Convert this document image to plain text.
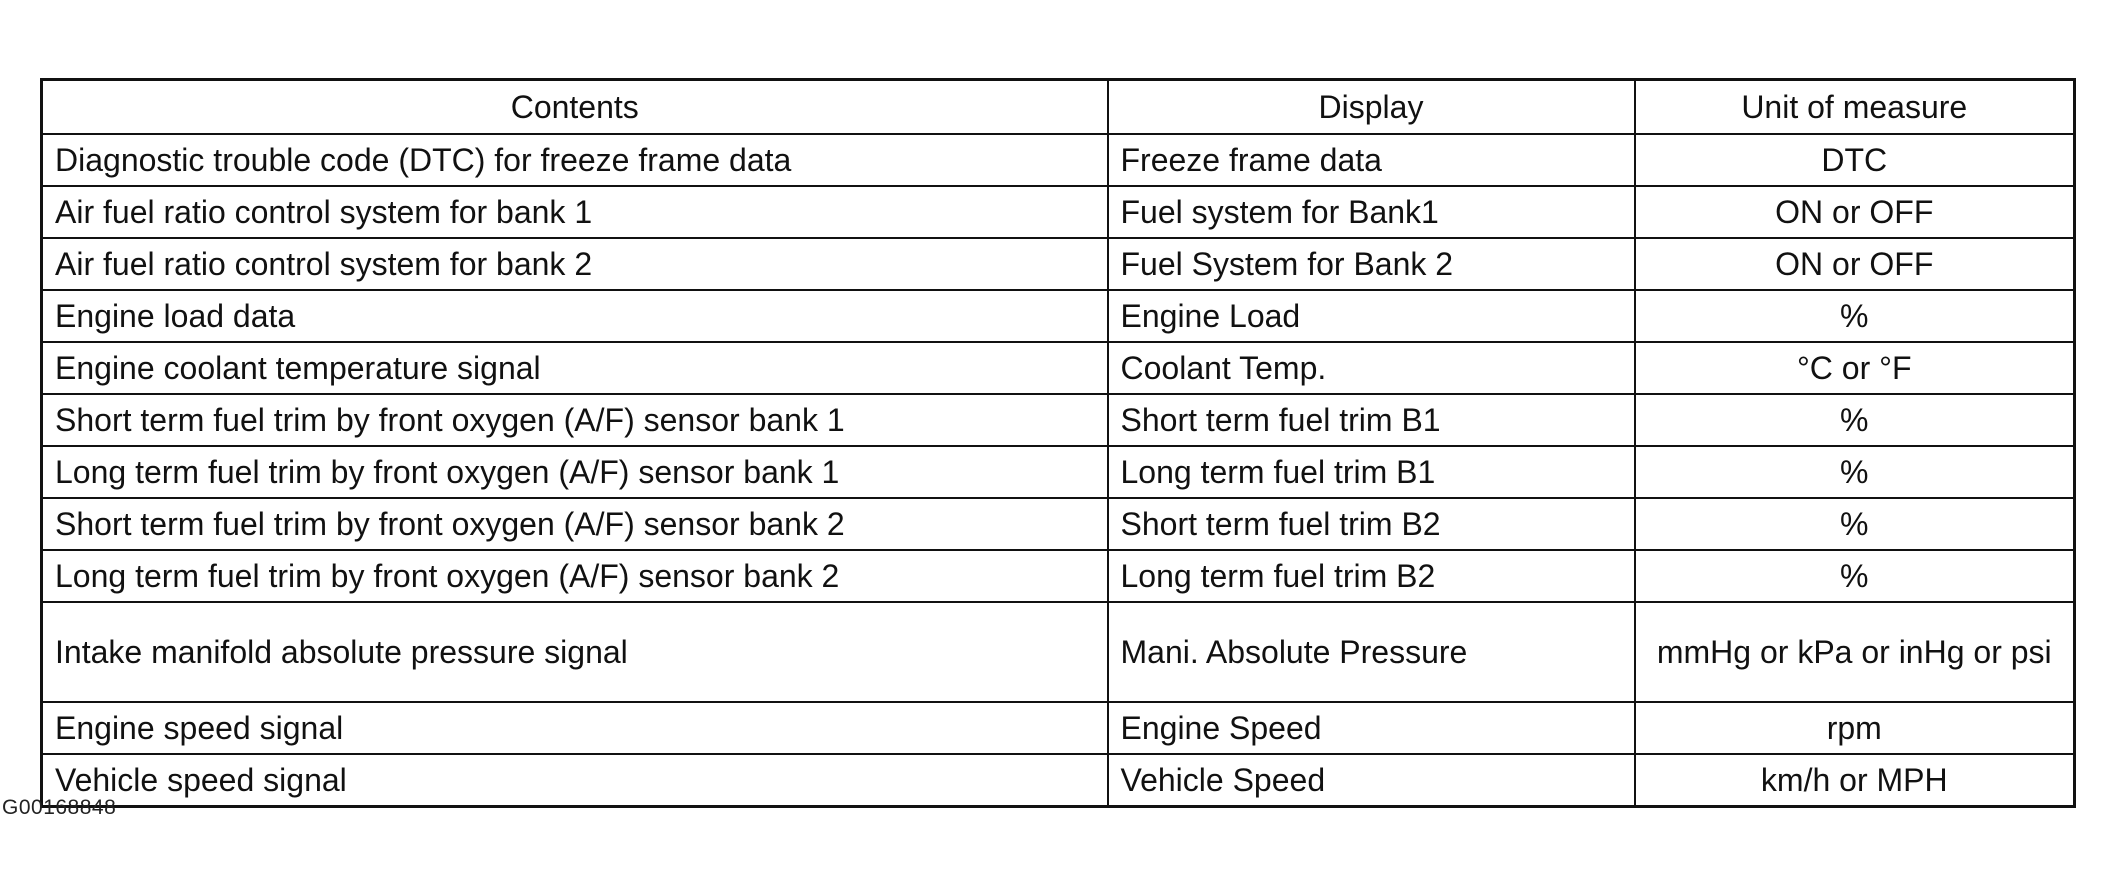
Contents	Display	Unit of measure
Diagnostic trouble code (DTC) for freeze frame data	Freeze frame data	DTC
Air fuel ratio control system for bank 1	Fuel system for Bank1	ON or OFF
Air fuel ratio control system for bank 2	Fuel System for Bank 2	ON or OFF
Engine load data	Engine Load	%
Engine coolant temperature signal	Coolant Temp.	°C or °F
Short term fuel trim by front oxygen (A/F) sensor bank 1	Short term fuel trim B1	%
Long term fuel trim by front oxygen (A/F) sensor bank 1	Long term fuel trim B1	%
Short term fuel trim by front oxygen (A/F) sensor bank 2	Short term fuel trim B2	%
Long term fuel trim by front oxygen (A/F) sensor bank 2	Long term fuel trim B2	%
Intake manifold absolute pressure signal	Mani. Absolute Pressure	mmHg or kPa or inHg or psi
Engine speed signal	Engine Speed	rpm
Vehicle speed signal	Vehicle Speed	km/h or MPH
G00168848
